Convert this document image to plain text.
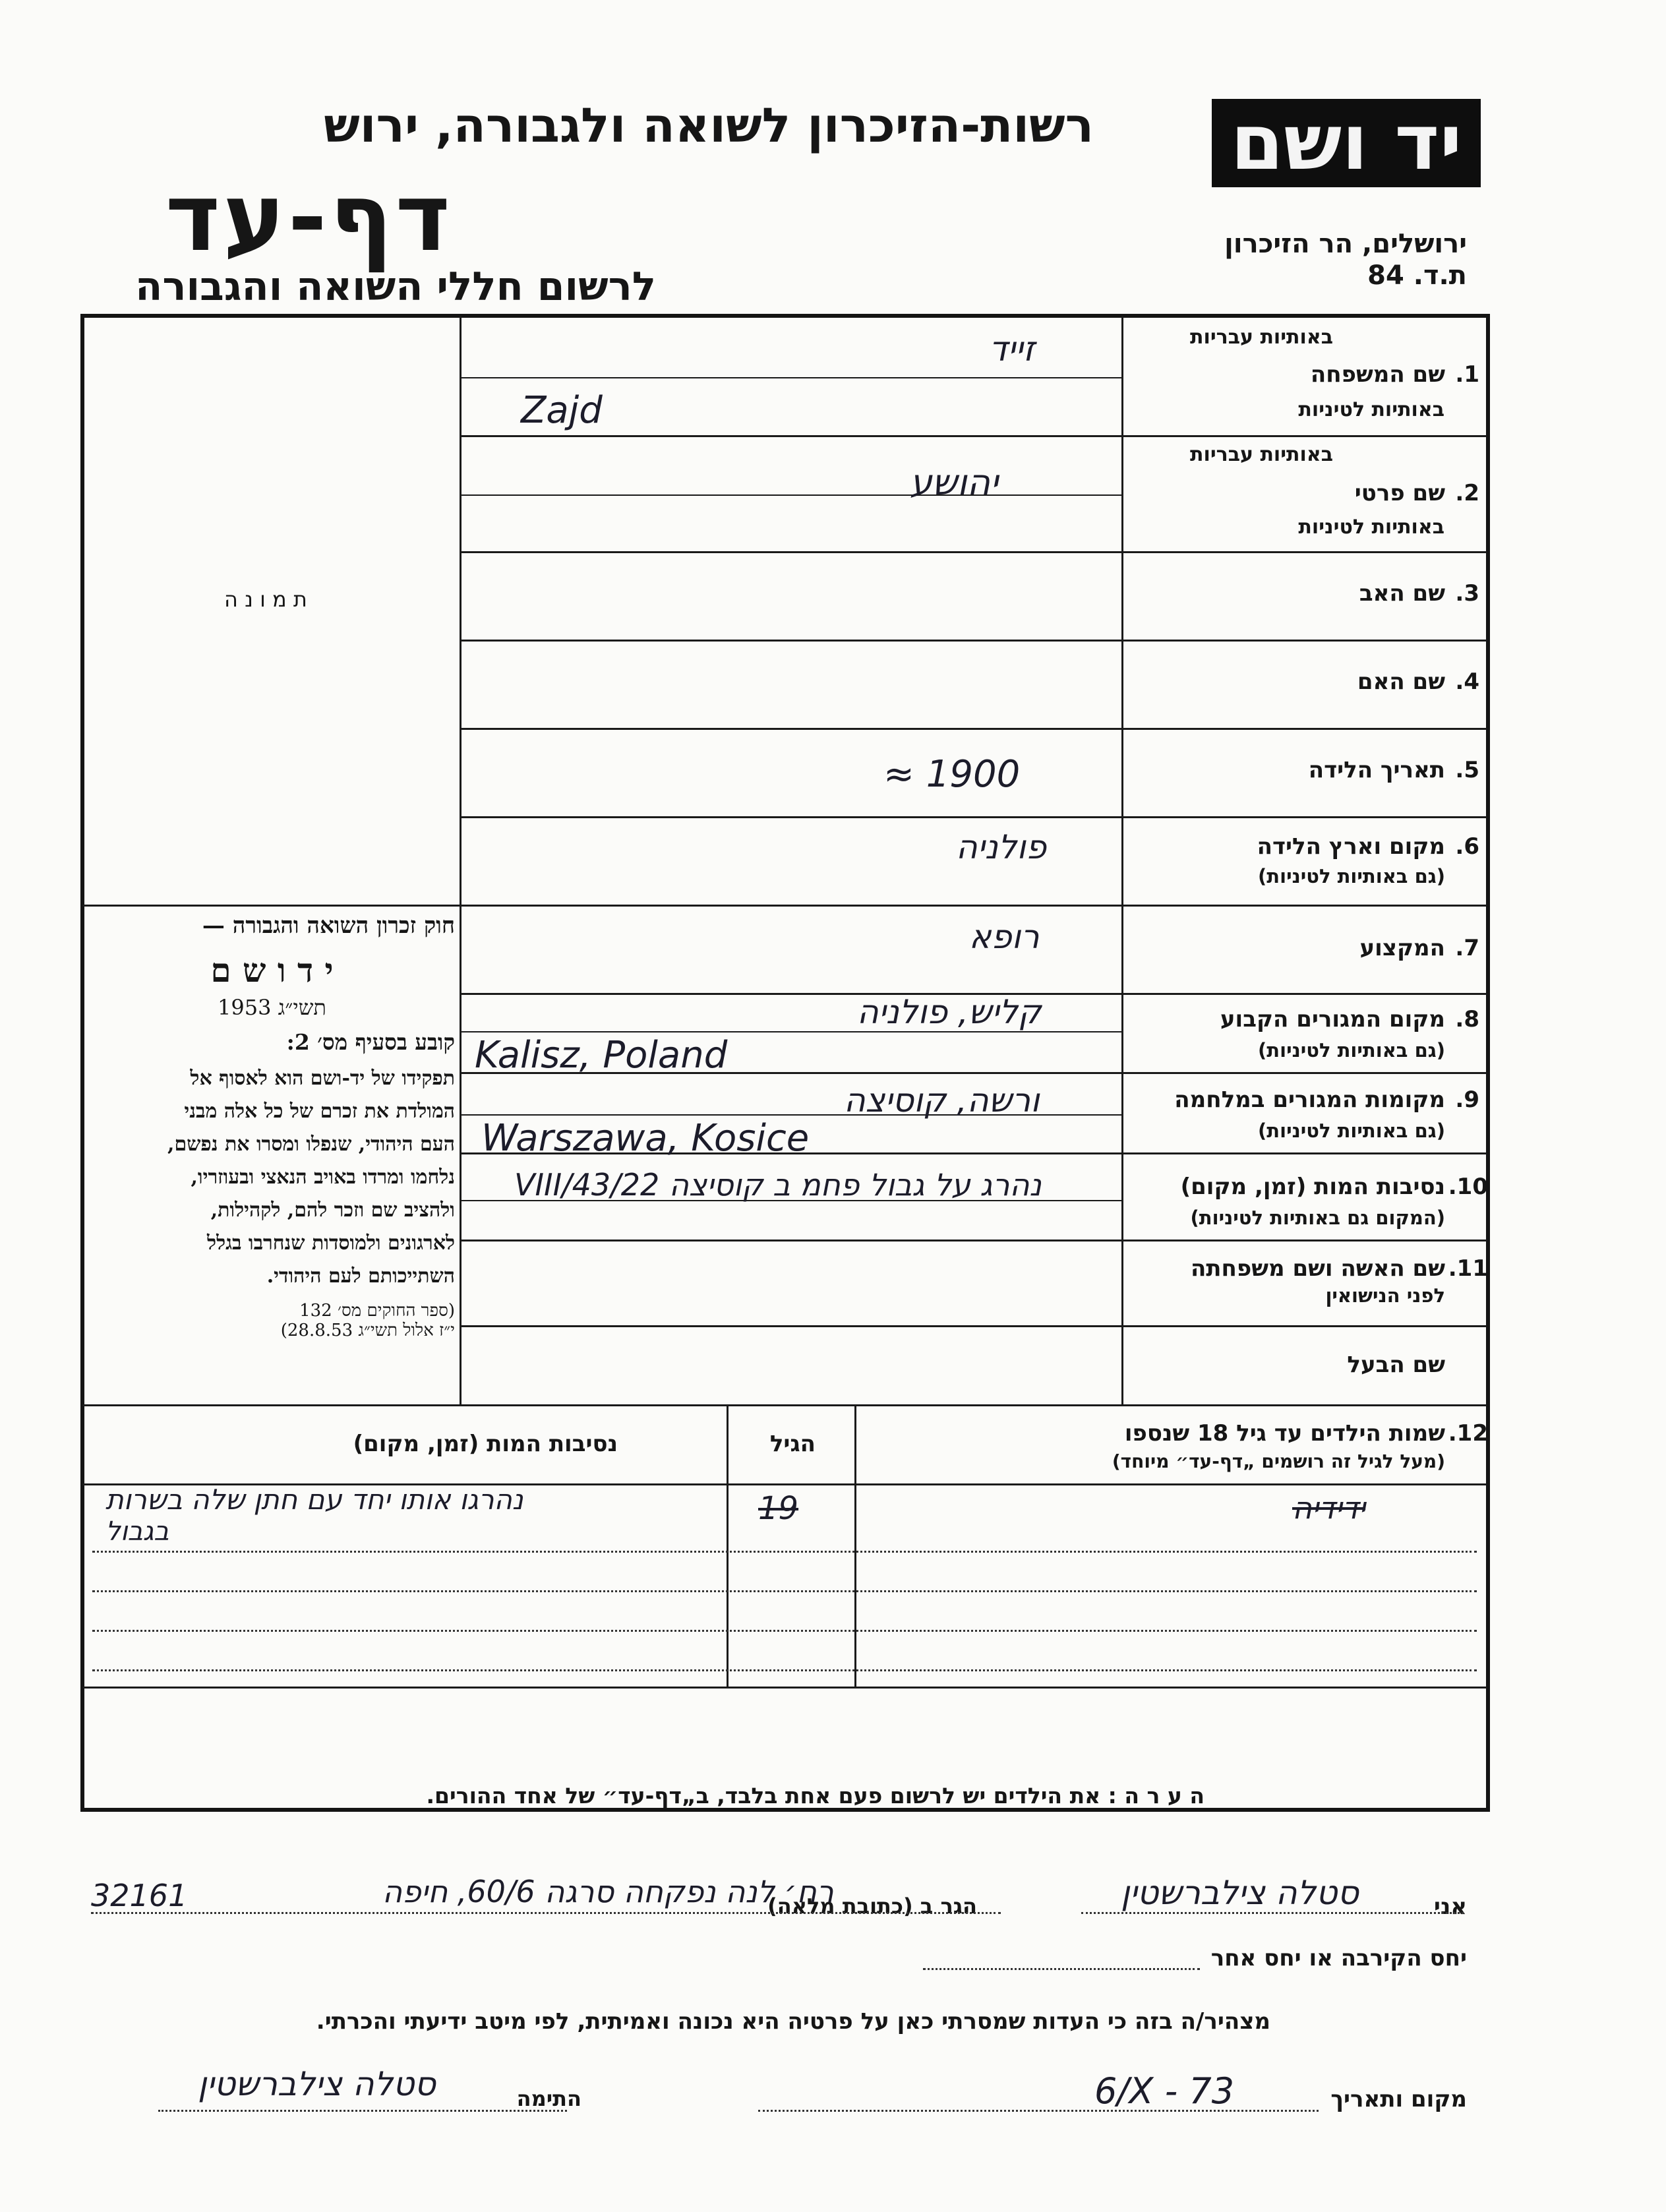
יד ושם
רשות-הזיכרון לשואה ולגבורה, ירוש
דף-עד
לרשום חללי השואה והגבורה
ירושלים, הר הזיכרון
ת.ד. 84
ת מ ו נ ה
חוק זכרון השואה והגבורה —
י ד ו ש ם
תשי״ג 1953
קובע בסעיף מס׳ 2:
תפקידו של יד-ושם הוא לאסוף אל
המולדת את זכרם של כל אלה מבני
העם היהודי, שנפלו ומסרו את נפשם,
נלחמו ומרדו באויב הנאצי ובעוזריו,
ולהציב שם וזכר להם, לקהילות,
לארגונים ולמוסדות שנחרבו בגלל
השתייכותם לעם היהודי.
(ספר החוקים מס׳ 132
י״ז אלול תשי״ג 28.8.53)
באותיות עבריות
1.
שם המשפחה
באותיות לטיניות
באותיות עבריות
2.
שם פרטי
באותיות לטיניות
3.
שם האב
4.
שם האם
5.
תאריך הלידה
6.
מקום וארץ הלידה
(גם באותיות לטיניות)
7.
המקצוע
8.
מקום המגורים הקבוע
(גם באותיות לטיניות)
9.
מקומות המגורים במלחמה
(גם באותיות לטיניות)
10.
נסיבות המות (זמן, מקום)
(המקום גם באותיות לטיניות)
11.
שם האשה ושם משפחתה
לפני הנישואין
שם הבעל
זייד
Zajd
יהושע
≈ 1900
פולניה
רופא
קליש, פולניה
Kalisz, Poland
ורשה, קוסיצה
Warszawa, Kosice
נהרג על גבול פחמ ב קוסיצה 22/VIII/43
12.
שמות הילדים עד גיל 18 שנספו
(מעל לגיל זה רושמים „דף-עד״ מיוחד)
הגיל
נסיבות המות (זמן, מקום)
ידידיה
19
נהרגו אותו יחד עם חתן שלה בשרות
בגבול
ה ע ר ה : את הילדים יש לרשום פעם אחת בלבד, ב„דף-עד״ של אחד ההורים.
אני
סטלה צילברשטין
הגר ב (כתובת מלאה)
רח׳ לנה נפקחה סרגה 60/6, חיפה
32161
יחס הקירבה או יחס אחר
מצהיר/ה בזה כי העדות שמסרתי כאן על פרטיה היא נכונה ואמיתית, לפי מיטב ידיעתי והכרתי.
מקום ותאריך
6/X - 73
התימה
סטלה צילברשטין
